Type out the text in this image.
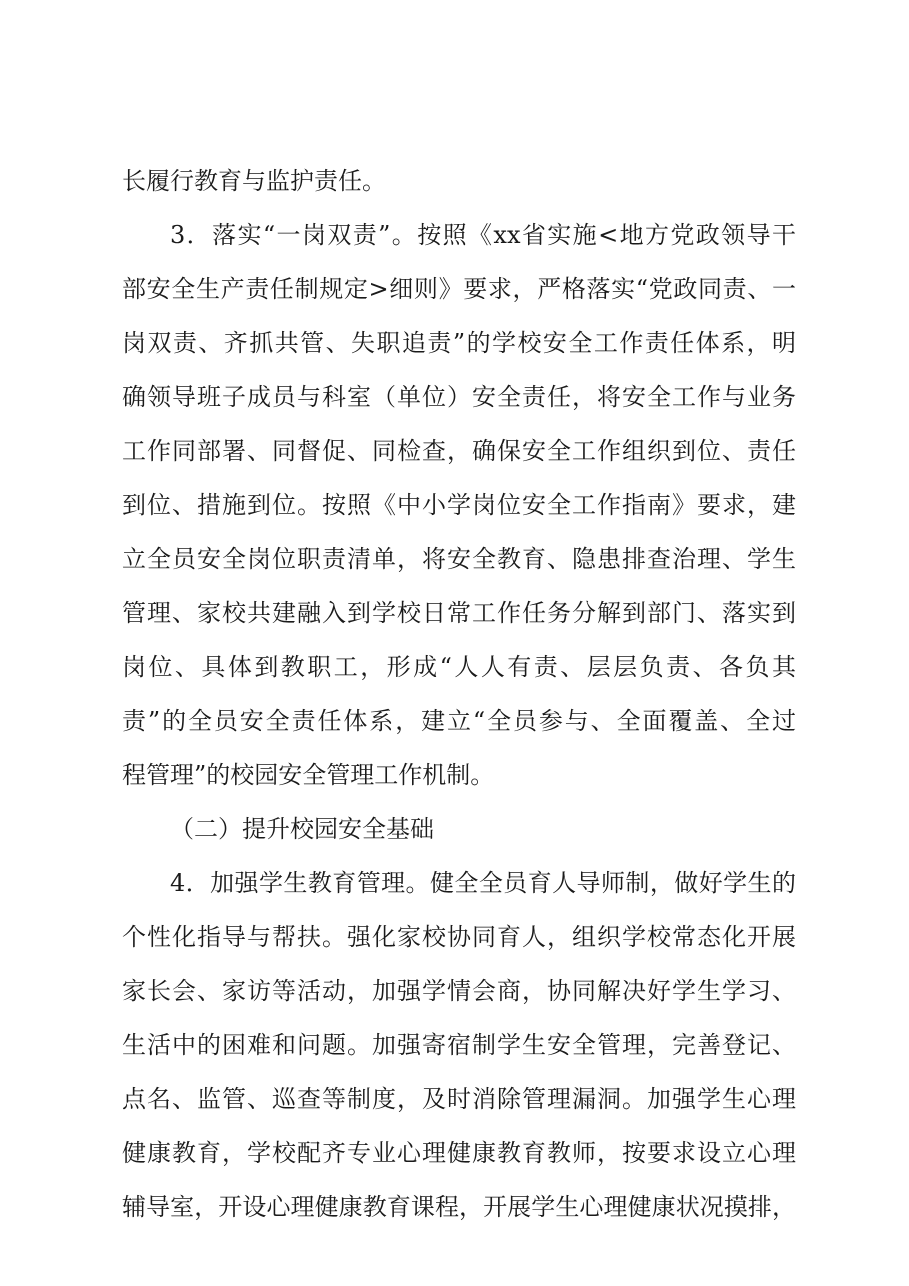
长履行教育与监护责任。
3．落实“一岗双责”。按照《xx省实施<地方党政领导干
部安全生产责任制规定>细则》要求，严格落实“党政同责、一
岗双责、齐抓共管、失职追责”的学校安全工作责任体系，明
确领导班子成员与科室（单位）安全责任，将安全工作与业务
工作同部署、同督促、同检查，确保安全工作组织到位、责任
到位、措施到位。按照《中小学岗位安全工作指南》要求，建
立全员安全岗位职责清单，将安全教育、隐患排查治理、学生
管理、家校共建融入到学校日常工作任务分解到部门、落实到
岗位、具体到教职工，形成“人人有责、层层负责、各负其
责”的全员安全责任体系，建立“全员参与、全面覆盖、全过
程管理”的校园安全管理工作机制。
（二）提升校园安全基础
4．加强学生教育管理。健全全员育人导师制，做好学生的
个性化指导与帮扶。强化家校协同育人，组织学校常态化开展
家长会、家访等活动，加强学情会商，协同解决好学生学习、
生活中的困难和问题。加强寄宿制学生安全管理，完善登记、
点名、监管、巡查等制度，及时消除管理漏洞。加强学生心理
健康教育，学校配齐专业心理健康教育教师，按要求设立心理
辅导室，开设心理健康教育课程，开展学生心理健康状况摸排，
